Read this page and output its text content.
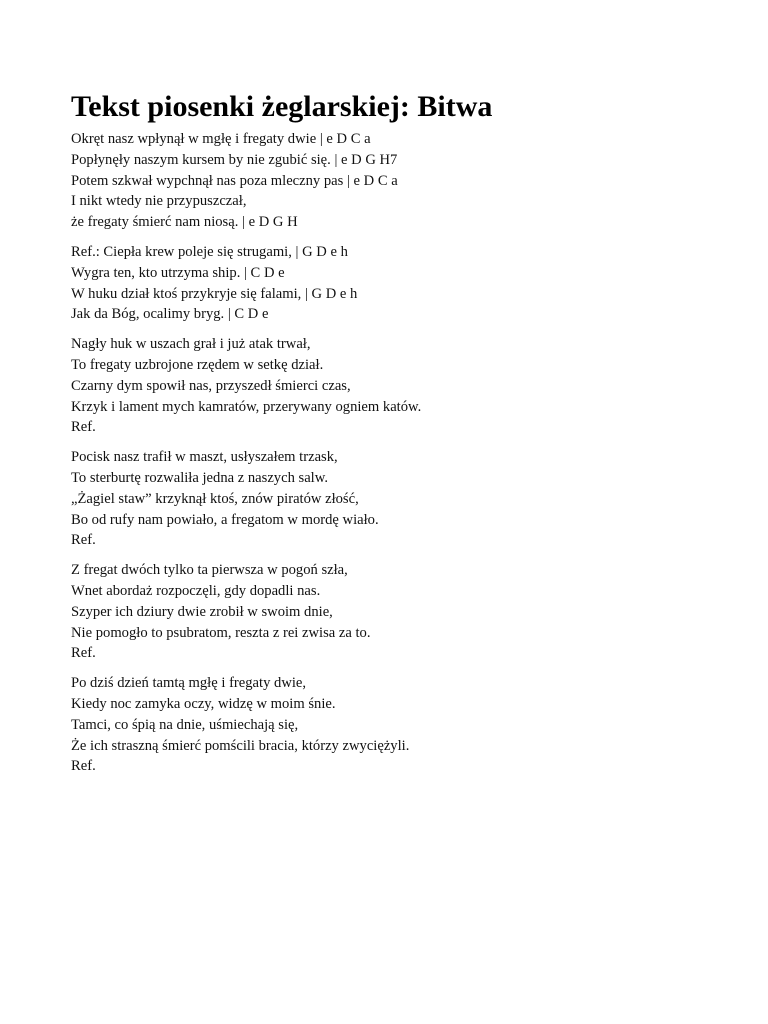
Tekst piosenki żeglarskiej: Bitwa
Okręt nasz wpłynął w mgłę i fregaty dwie | e D C a
Popłynęły naszym kursem by nie zgubić się. | e D G H7
Potem szkwał wypchnął nas poza mleczny pas | e D C a
I nikt wtedy nie przypuszczał,
że fregaty śmierć nam niosą. | e D G H
Ref.: Ciepła krew poleje się strugami, | G D e h
Wygra ten, kto utrzyma ship. | C D e
W huku dział ktoś przykryje się falami, | G D e h
Jak da Bóg, ocalimy bryg. | C D e
Nagły huk w uszach grał i już atak trwał,
To fregaty uzbrojone rzędem w setkę dział.
Czarny dym spowił nas, przyszedł śmierci czas,
Krzyk i lament mych kamratów, przerywany ogniem katów.
Ref.
Pocisk nasz trafił w maszt, usłyszałem trzask,
To sterburtę rozwaliła jedna z naszych salw.
„Żagiel staw” krzyknął ktoś, znów piratów złość,
Bo od rufy nam powiało, a fregatom w mordę wiało.
Ref.
Z fregat dwóch tylko ta pierwsza w pogoń szła,
Wnet abordaż rozpoczęli, gdy dopadli nas.
Szyper ich dziury dwie zrobił w swoim dnie,
Nie pomogło to psubratom, reszta z rei zwisa za to.
Ref.
Po dziś dzień tamtą mgłę i fregaty dwie,
Kiedy noc zamyka oczy, widzę w moim śnie.
Tamci, co śpią na dnie, uśmiechają się,
Że ich straszną śmierć pomścili bracia, którzy zwyciężyli.
Ref.
